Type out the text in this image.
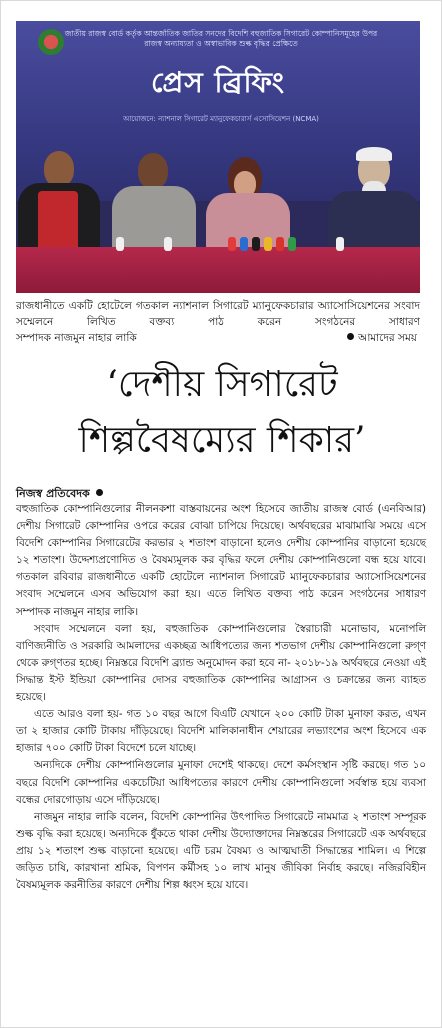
জাতীয় রাজস্ব বোর্ড কর্তৃক আন্তর্জাতিক জাতির সনদের বিদেশি বহুজাতিক সিগারেট কোম্পানিসমূহের উপর রাজস্ব অন্যায্যতা ও অস্বাভাবিক শুল্ক বৃদ্ধির প্রেক্ষিতে
প্রেস ব্রিফিং
আয়োজনে: ন্যাশনাল সিগারেট ম্যানুফেকচারার্স এসোসিয়েশন (NCMA)
রাজধানীতে একটি হোটেলে গতকাল ন্যাশনাল সিগারেট ম্যানুফেকচারার অ্যাসোসিয়েশনের সংবাদ সম্মেলনে লিখিত বক্তব্য পাঠ করেন সংগঠনের সাধারণ
সম্পাদক নাজমুন নাহার লাকি	আমাদের সময়
‘দেশীয় সিগারেট
শিল্পবৈষম্যের শিকার’
নিজস্ব প্রতিবেদক

বহুজাতিক কোম্পানিগুলোর নীলনকশা বাস্তবায়নের অংশ হিসেবে জাতীয় রাজস্ব বোর্ড (এনবিআর) দেশীয় সিগারেট কোম্পানির ওপরে করের বোঝা চাপিয়ে দিয়েছে। অর্থবছরের মাঝামাঝি সময়ে এসে বিদেশি কোম্পানির সিগারেটের করভার ২ শতাংশ বাড়ানো হলেও দেশীয় কোম্পানির বাড়ানো হয়েছে ১২ শতাংশ। উদ্দেশ্যপ্রণোদিত ও বৈষম্যমূলক কর বৃদ্ধির ফলে দেশীয় কোম্পানিগুলো বন্ধ হয়ে যাবে। গতকাল রবিবার রাজধানীতে একটি হোটেলে ন্যাশনাল সিগারেট ম্যানুফেকচারার অ্যাসোসিয়েশনের সংবাদ সম্মেলনে এসব অভিযোগ করা হয়। এতে লিখিত বক্তব্য পাঠ করেন সংগঠনের সাধারণ সম্পাদক নাজমুন নাহার লাকি।

সংবাদ সম্মেলনে বলা হয়, বহুজাতিক কোম্পানিগুলোর স্বৈরাচারী মনোভাব, মনোপলি বাণিজ্যনীতি ও সরকারি আমলাদের একচ্ছত্র আধিপত্যের জন্য শতভাগ দেশীয় কোম্পানিগুলো রুগ্ণ থেকে রুগ্ণতর হচ্ছে। নিম্নস্তরে বিদেশি ব্র্যান্ড অনুমোদন করা হবে না- ২০১৮-১৯ অর্থবছরে নেওয়া এই সিদ্ধান্ত ইস্ট ইন্ডিয়া কোম্পানির দোসর বহুজাতিক কোম্পানির আগ্রাসন ও চক্রান্তের জন্য ব্যাহত হয়েছে।

এতে আরও বলা হয়- গত ১০ বছর আগে বিএটি যেখানে ২০০ কোটি টাকা মুনাফা করত, এখন তা ২ হাজার কোটি টাকায় দাঁড়িয়েছে। বিদেশি মালিকানাধীন শেয়ারের লভ্যাংশের অংশ হিসেবে এক হাজার ৭০০ কোটি টাকা বিদেশে চলে যাচ্ছে।

অন্যদিকে দেশীয় কোম্পানিগুলোর মুনাফা দেশেই থাকছে। দেশে কর্মসংস্থান সৃষ্টি করছে। গত ১০ বছরে বিদেশি কোম্পানির একচেটিয়া আধিপত্যের কারণে দেশীয় কোম্পানিগুলো সর্বস্বান্ত হয়ে ব্যবসা বন্ধের দোরগোড়ায় এসে দাঁড়িয়েছে।

নাজমুন নাহার লাকি বলেন, বিদেশি কোম্পানির উৎপাদিত সিগারেটে নামমাত্র ২ শতাংশ সম্পূরক শুল্ক বৃদ্ধি করা হয়েছে। অন্যদিকে ধুঁকতে থাকা দেশীয় উদ্যোক্তাদের নিম্নস্তরের সিগারেটে এক অর্থবছরে প্রায় ১২ শতাংশ শুল্ক বাড়ানো হয়েছে। এটি চরম বৈষম্য ও আত্মঘাতী সিদ্ধান্তের শামিল। এ শিল্পে জড়িত চাষি, কারখানা শ্রমিক, বিপণন কর্মীসহ ১০ লাখ মানুষ জীবিকা নির্বাহ করছে। নজিরবিহীন বৈষম্যমূলক করনীতির কারণে দেশীয় শিল্প ধ্বংস হয়ে যাবে।
